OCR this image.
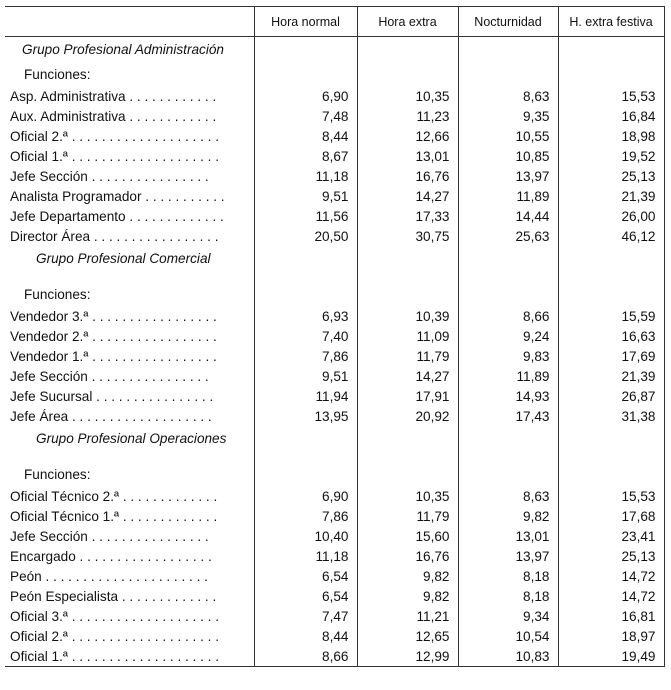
	Hora normal	Hora extra	Nocturnidad	H. extra festiva
Grupo Profesional Administración				
Funciones:				
Asp. Administrativa . . . . . . . . . . . .	6,90	10,35	8,63	15,53
Aux. Administrativa . . . . . . . . . . . .	7,48	11,23	9,35	16,84
Oficial 2.ª . . . . . . . . . . . . . . . . . . . .	8,44	12,66	10,55	18,98
Oficial 1.ª . . . . . . . . . . . . . . . . . . . .	8,67	13,01	10,85	19,52
Jefe Sección . . . . . . . . . . . . . . . .	11,18	16,76	13,97	25,13
Analista Programador . . . . . . . . . . .	9,51	14,27	11,89	21,39
Jefe Departamento . . . . . . . . . . . . .	11,56	17,33	14,44	26,00
Director Área . . . . . . . . . . . . . . . . .	20,50	30,75	25,63	46,12
Grupo Profesional Comercial				

Funciones:				
Vendedor 3.ª . . . . . . . . . . . . . . . . .	6,93	10,39	8,66	15,59
Vendedor 2.ª . . . . . . . . . . . . . . . . .	7,40	11,09	9,24	16,63
Vendedor 1.ª . . . . . . . . . . . . . . . . .	7,86	11,79	9,83	17,69
Jefe Sección . . . . . . . . . . . . . . . .	9,51	14,27	11,89	21,39
Jefe Sucursal . . . . . . . . . . . . . . . .	11,94	17,91	14,93	26,87
Jefe Área . . . . . . . . . . . . . . . . . . .	13,95	20,92	17,43	31,38
Grupo Profesional Operaciones				

Funciones:				
Oficial Técnico 2.ª . . . . . . . . . . . . .	6,90	10,35	8,63	15,53
Oficial Técnico 1.ª . . . . . . . . . . . . .	7,86	11,79	9,82	17,68
Jefe Sección . . . . . . . . . . . . . . . .	10,40	15,60	13,01	23,41
Encargado . . . . . . . . . . . . . . . . . .	11,18	16,76	13,97	25,13
Peón . . . . . . . . . . . . . . . . . . . . . .	6,54	9,82	8,18	14,72
Peón Especialista . . . . . . . . . . . . .	6,54	9,82	8,18	14,72
Oficial 3.ª . . . . . . . . . . . . . . . . . . . .	7,47	11,21	9,34	16,81
Oficial 2.ª . . . . . . . . . . . . . . . . . . . .	8,44	12,65	10,54	18,97
Oficial 1.ª . . . . . . . . . . . . . . . . . . . .	8,66	12,99	10,83	19,49
